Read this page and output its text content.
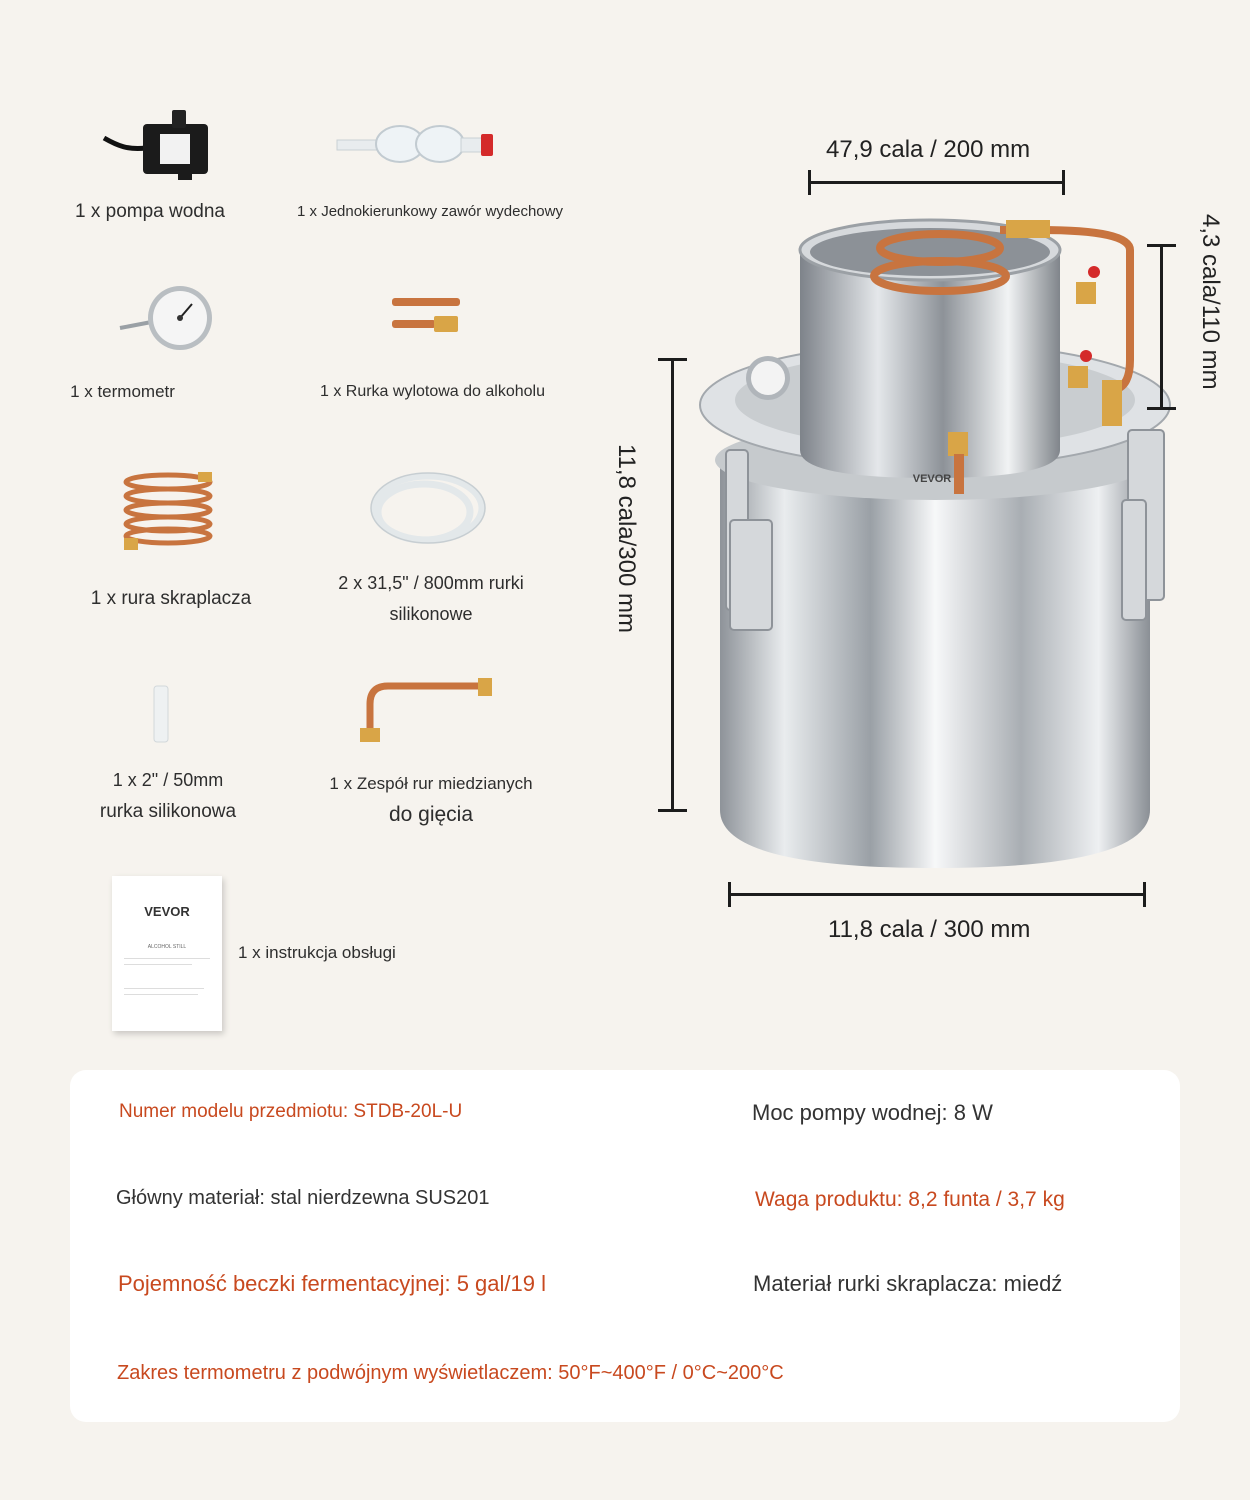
VEVOR
ALCOHOL STILL
1 x pompa wodna	1 x Jednokierunkowy zawór wydechowy
1 x termometr	1 x Rurka wylotowa do alkoholu
1 x rura skraplacza
2 x 31,5" / 800mm rurki
silikonowe
1 x 2" / 50mm
rurka silikonowa
1 x Zespół rur miedzianych
do gięcia
1 x instrukcja obsługi
VEVOR
47,9 cala / 200 mm
4,3 cala/110 mm
11,8 cala/300 mm
11,8 cala / 300 mm
Numer modelu przedmiotu: STDB-20L-U	Moc pompy wodnej: 8 W
Główny materiał: stal nierdzewna SUS201	Waga produktu: 8,2 funta / 3,7 kg
Pojemność beczki fermentacyjnej: 5 gal/19 l	Materiał rurki skraplacza: miedź
Zakres termometru z podwójnym wyświetlaczem: 50°F~400°F / 0°C~200°C
